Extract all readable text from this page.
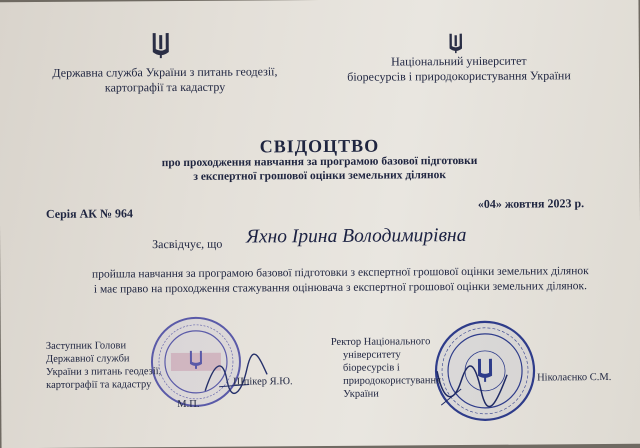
Державна служба України з питань геодезії,
картографії та кадастру
Національний університет
біоресурсів і природокористування України
СВІДОЦТВО
про проходження навчання за програмою базової підготовки
з експертної грошової оцінки земельних ділянок
Серія АК № 964
«04» жовтня 2023 р.
Засвідчує, що Яхно Ірина Володимирівна
пройшла навчання за програмою базової підготовки з експертної грошової оцінки земельних ділянок
і має право на проходження стажування оцінювача з експертної грошової оцінки земельних ділянок.
Заступник Голови
Державної служби
України з питань геодезії,
картографії та кадастру	Шпікер Я.Ю.
М.П.
Ректор Національного
університету
біоресурсів і
природокористування
України
Ніколаєнко С.М.
